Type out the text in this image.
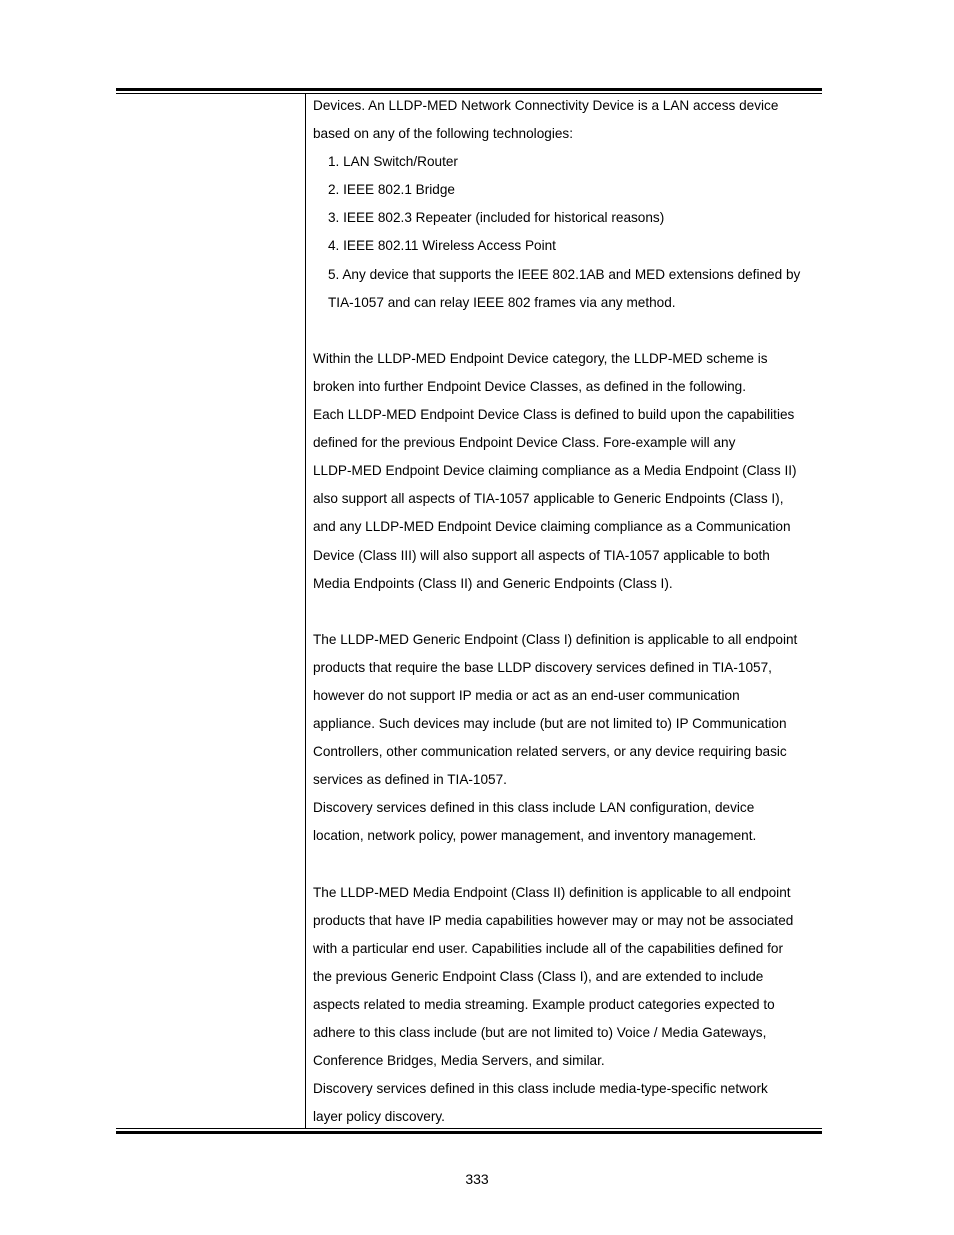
Devices. An LLDP-MED Network Connectivity Device is a LAN access device
based on any of the following technologies:
1. LAN Switch/Router
2. IEEE 802.1 Bridge
3. IEEE 802.3 Repeater (included for historical reasons)
4. IEEE 802.11 Wireless Access Point
5. Any device that supports the IEEE 802.1AB and MED extensions defined by
TIA-1057 and can relay IEEE 802 frames via any method.
Within the LLDP-MED Endpoint Device category, the LLDP-MED scheme is
broken into further Endpoint Device Classes, as defined in the following.
Each LLDP-MED Endpoint Device Class is defined to build upon the capabilities
defined for the previous Endpoint Device Class. Fore-example will any
LLDP-MED Endpoint Device claiming compliance as a Media Endpoint (Class II)
also support all aspects of TIA-1057 applicable to Generic Endpoints (Class I),
and any LLDP-MED Endpoint Device claiming compliance as a Communication
Device (Class III) will also support all aspects of TIA-1057 applicable to both
Media Endpoints (Class II) and Generic Endpoints (Class I).
The LLDP-MED Generic Endpoint (Class I) definition is applicable to all endpoint
products that require the base LLDP discovery services defined in TIA-1057,
however do not support IP media or act as an end-user communication
appliance. Such devices may include (but are not limited to) IP Communication
Controllers, other communication related servers, or any device requiring basic
services as defined in TIA-1057.
Discovery services defined in this class include LAN configuration, device
location, network policy, power management, and inventory management.
The LLDP-MED Media Endpoint (Class II) definition is applicable to all endpoint
products that have IP media capabilities however may or may not be associated
with a particular end user. Capabilities include all of the capabilities defined for
the previous Generic Endpoint Class (Class I), and are extended to include
aspects related to media streaming. Example product categories expected to
adhere to this class include (but are not limited to) Voice / Media Gateways,
Conference Bridges, Media Servers, and similar.
Discovery services defined in this class include media-type-specific network
layer policy discovery.
333
